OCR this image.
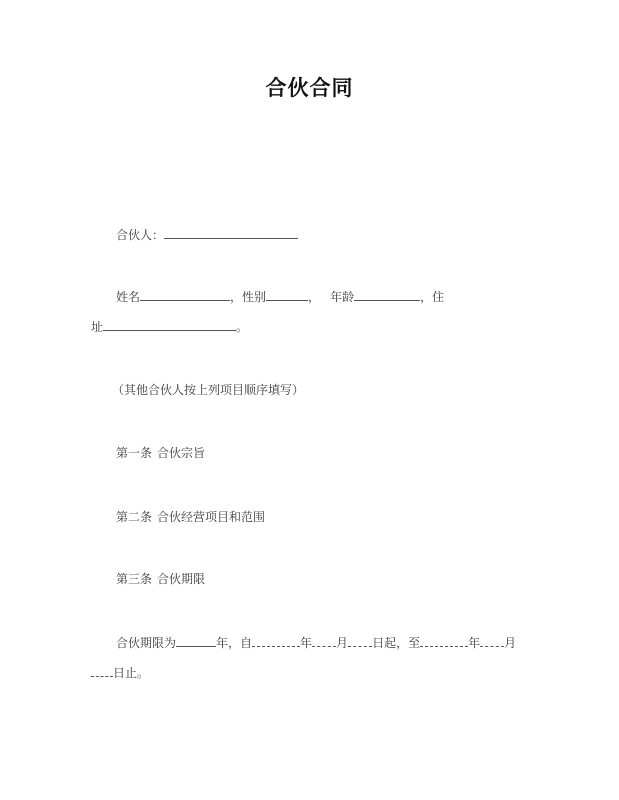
合伙合同
合伙人：
姓名	，性别	， 年龄	，住
址	。
（其他合伙人按上列项目顺序填写）
第一条 合伙宗旨
第二条 合伙经营项目和范围
第三条 合伙期限
合伙期限为	年，自	年 月 日起，至	年 月
日止。
